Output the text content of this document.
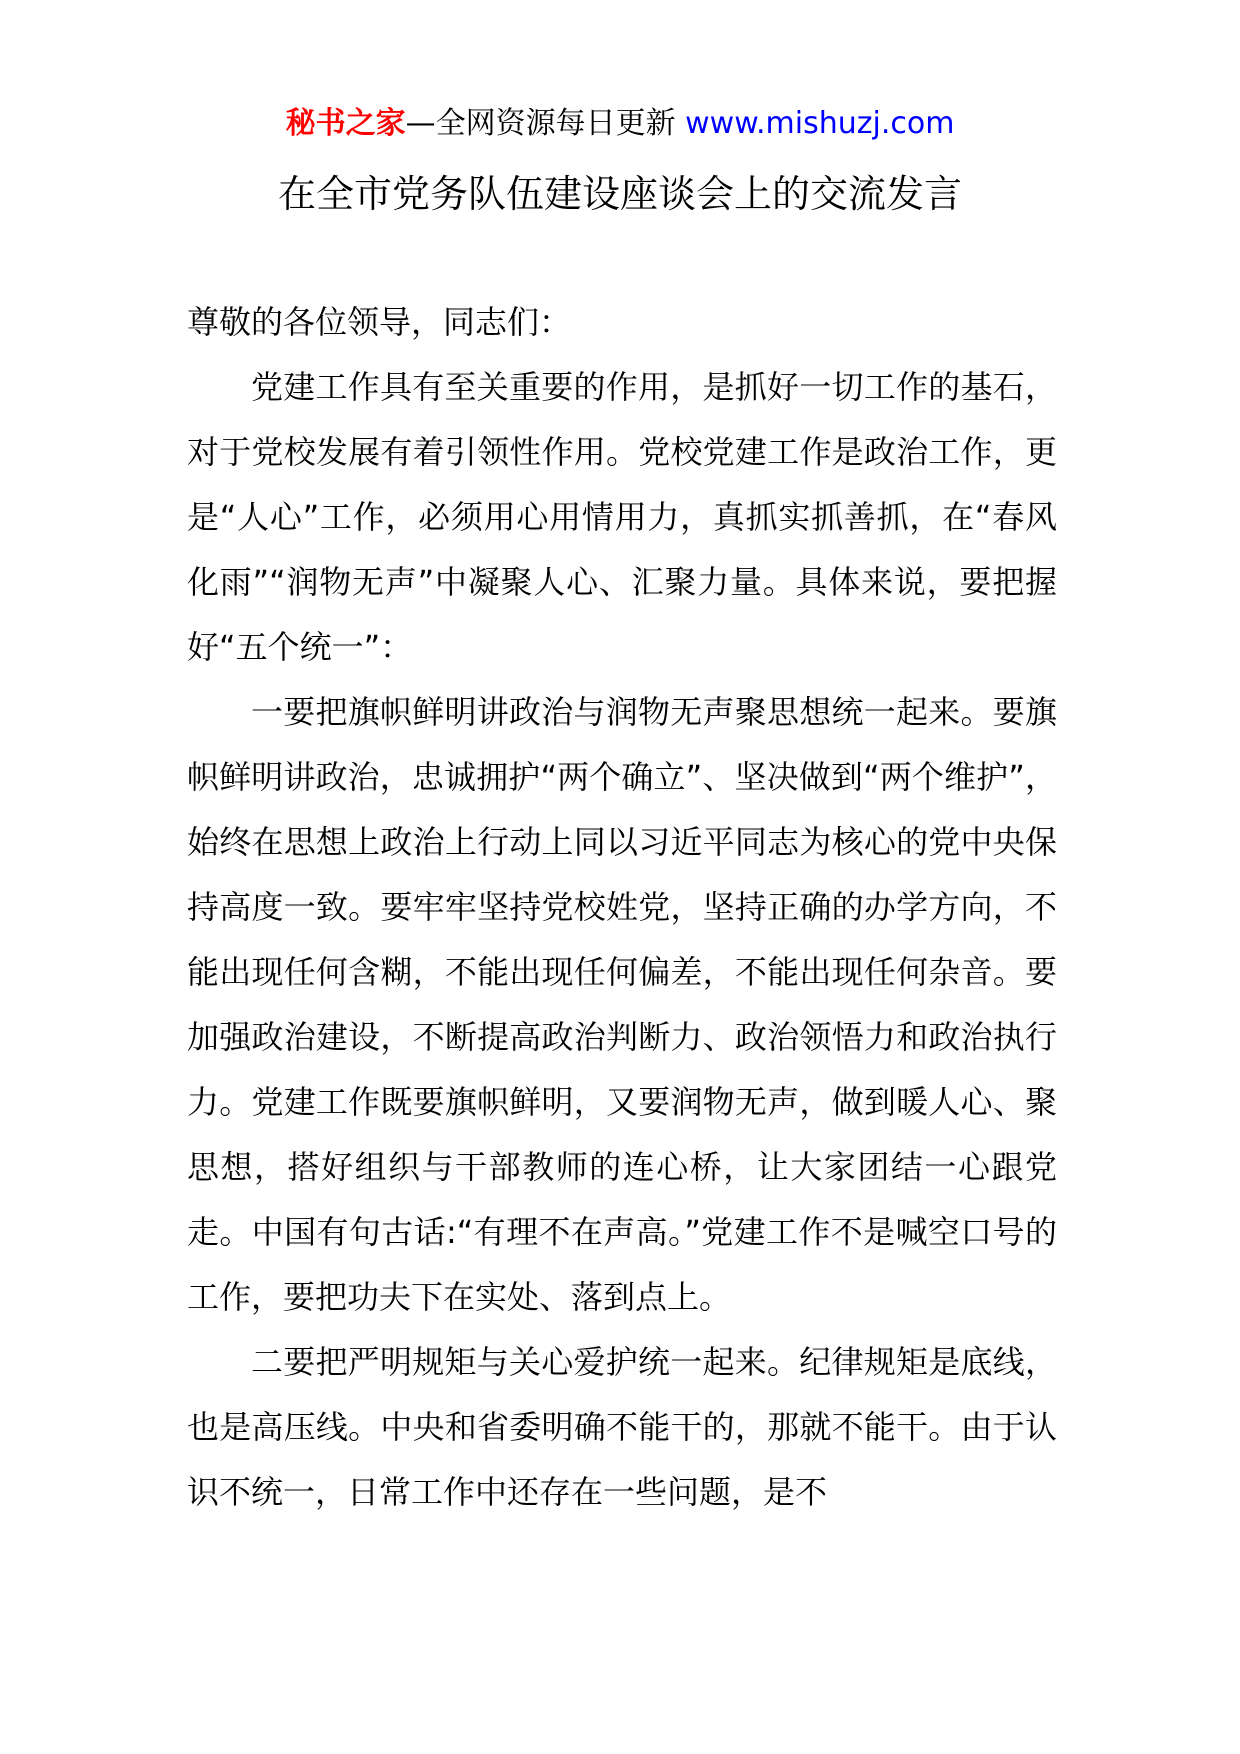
秘书之家—全网资源每日更新 www.mishuzj.com
在全市党务队伍建设座谈会上的交流发言

尊敬的各位领导，同志们：

党建工作具有至关重要的作用，是抓好一切工作的基石，对于党校发展有着引领性作用。党校党建工作是政治工作，更是“人心”工作，必须用心用情用力，真抓实抓善抓，在“春风化雨”“润物无声”中凝聚人心、汇聚力量。具体来说，要把握好“五个统一”：

一要把旗帜鲜明讲政治与润物无声聚思想统一起来。要旗帜鲜明讲政治，忠诚拥护“两个确立”、坚决做到“两个维护”，始终在思想上政治上行动上同以习近平同志为核心的党中央保持高度一致。要牢牢坚持党校姓党，坚持正确的办学方向，不能出现任何含糊，不能出现任何偏差，不能出现任何杂音。要加强政治建设，不断提高政治判断力、政治领悟力和政治执行力。党建工作既要旗帜鲜明，又要润物无声，做到暖人心、聚思想，搭好组织与干部教师的连心桥，让大家团结一心跟党走。中国有句古话:“有理不在声高。”党建工作不是喊空口号的工作，要把功夫下在实处、落到点上。

二要把严明规矩与关心爱护统一起来。纪律规矩是底线，也是高压线。中央和省委明确不能干的，那就不能干。由于认识不统一，日常工作中还存在一些问题，是不
